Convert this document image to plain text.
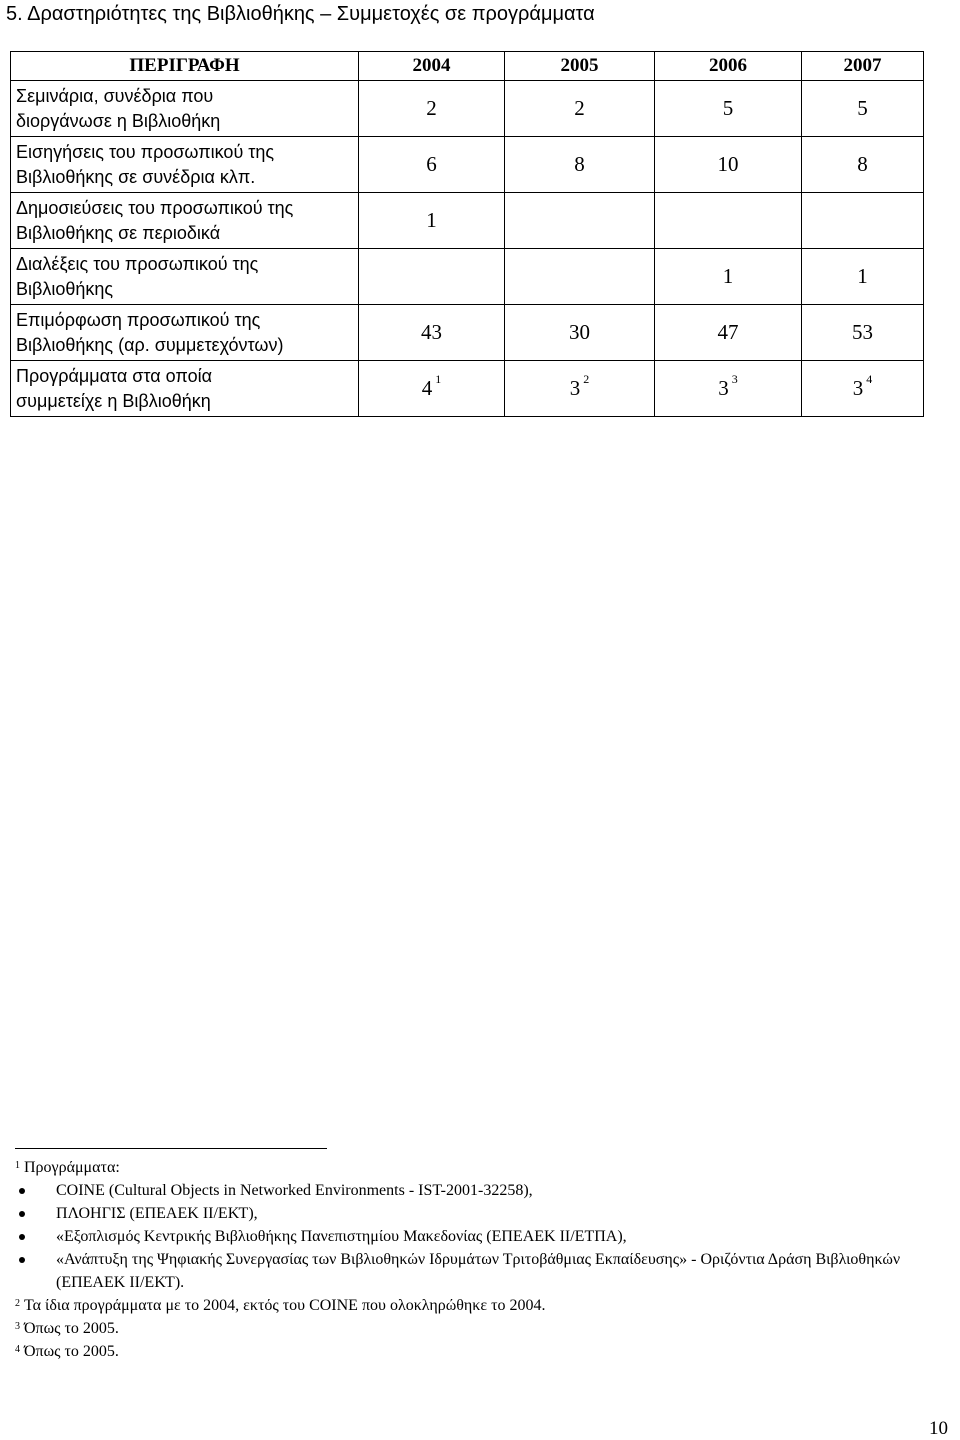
5. Δραστηριότητες της Βιβλιοθήκης – Συμμετοχές σε προγράμματα
ΠΕΡΙΓΡΑΦΗ	2004	2005	2006	2007

Σεμινάρια, συνέδρια που
διοργάνωσε η Βιβλιοθήκη	2	2	5	5

Εισηγήσεις του προσωπικού της
Βιβλιοθήκης σε συνέδρια κλπ.	6	8	10	8

Δημοσιεύσεις του προσωπικού της
Βιβλιοθήκης σε περιοδικά	1			

Διαλέξεις του προσωπικού της
Βιβλιοθήκης			1	1

Επιμόρφωση προσωπικού της
Βιβλιοθήκης (αρ. συμμετεχόντων)	43	30	47	53

Προγράμματα στα οποία
συμμετείχε η Βιβλιοθήκη	4 $^1$	3 $^2$	3 $^3$	3 $^4$

$^1$ Προγράμματα:

COINE (Cultural Objects in Networked Environments - IST-2001-32258),
ΠΛΟΗΓΙΣ (ΕΠΕΑΕΚ ΙΙ/ΕΚΤ),
«Εξοπλισμός Κεντρικής Βιβλιοθήκης Πανεπιστημίου Μακεδονίας (ΕΠΕΑΕΚ ΙΙ/ΕΤΠΑ),
«Ανάπτυξη της Ψηφιακής Συνεργασίας των Βιβλιοθηκών Ιδρυμάτων Τριτοβάθμιας Εκπαίδευσης» - Οριζόντια Δράση Βιβλιοθηκών (ΕΠΕΑΕΚ ΙΙ/ΕΚΤ).

$^2$ Τα ίδια προγράμματα με το 2004, εκτός του COINE που ολοκληρώθηκε το 2004.

$^3$ Όπως το 2005.

$^4$ Όπως το 2005.

10
